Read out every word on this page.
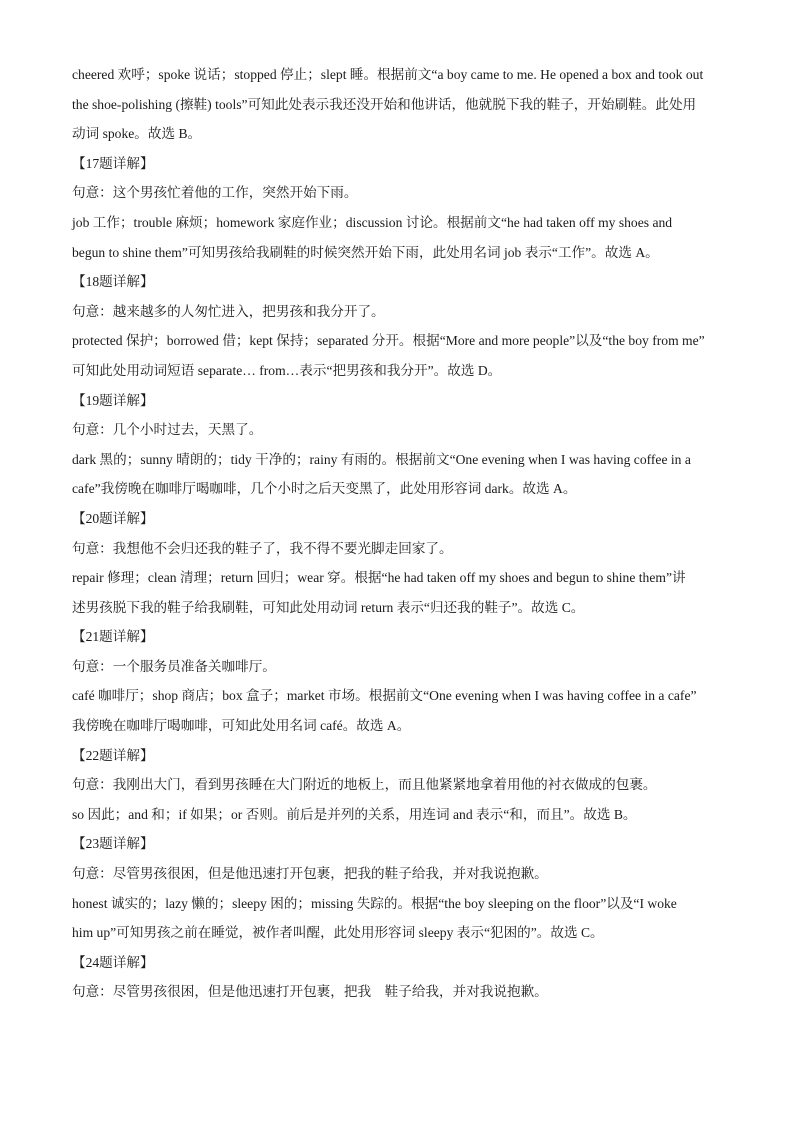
cheered 欢呼；spoke 说话；stopped 停止；slept 睡。根据前文“a boy came to me. He opened a box and took out
the shoe-polishing (擦鞋) tools”可知此处表示我还没开始和他讲话，他就脱下我的鞋子，开始刷鞋。此处用
动词 spoke。故选 B。
【17题详解】
句意：这个男孩忙着他的工作，突然开始下雨。
job 工作；trouble 麻烦；homework 家庭作业；discussion 讨论。根据前文“he had taken off my shoes and
begun to shine them”可知男孩给我刷鞋的时候突然开始下雨，此处用名词 job 表示“工作”。故选 A。
【18题详解】
句意：越来越多的人匆忙进入，把男孩和我分开了。
protected 保护；borrowed 借；kept 保持；separated 分开。根据“More and more people”以及“the boy from me”
可知此处用动词短语 separate… from…表示“把男孩和我分开”。故选 D。
【19题详解】
句意：几个小时过去，天黑了。
dark 黑的；sunny 晴朗的；tidy 干净的；rainy 有雨的。根据前文“One evening when I was having coffee in a
cafe”我傍晚在咖啡厅喝咖啡，几个小时之后天变黑了，此处用形容词 dark。故选 A。
【20题详解】
句意：我想他不会归还我的鞋子了，我不得不要光脚走回家了。
repair 修理；clean 清理；return 回归；wear 穿。根据“he had taken off my shoes and begun to shine them”讲
述男孩脱下我的鞋子给我刷鞋，可知此处用动词 return 表示“归还我的鞋子”。故选 C。
【21题详解】
句意：一个服务员准备关咖啡厅。
café 咖啡厅；shop 商店；box 盒子；market 市场。根据前文“One evening when I was having coffee in a cafe”
我傍晚在咖啡厅喝咖啡，可知此处用名词 café。故选 A。
【22题详解】
句意：我刚出大门，看到男孩睡在大门附近的地板上，而且他紧紧地拿着用他的衬衣做成的包裹。
so 因此；and 和；if 如果；or 否则。前后是并列的关系，用连词 and 表示“和，而且”。故选 B。
【23题详解】
句意：尽管男孩很困，但是他迅速打开包裹，把我的鞋子给我，并对我说抱歉。
honest 诚实的；lazy 懒的；sleepy 困的；missing 失踪的。根据“the boy sleeping on the floor”以及“I woke
him up”可知男孩之前在睡觉，被作者叫醒，此处用形容词 sleepy 表示“犯困的”。故选 C。
【24题详解】
句意：尽管男孩很困，但是他迅速打开包裹，把我　鞋子给我，并对我说抱歉。
